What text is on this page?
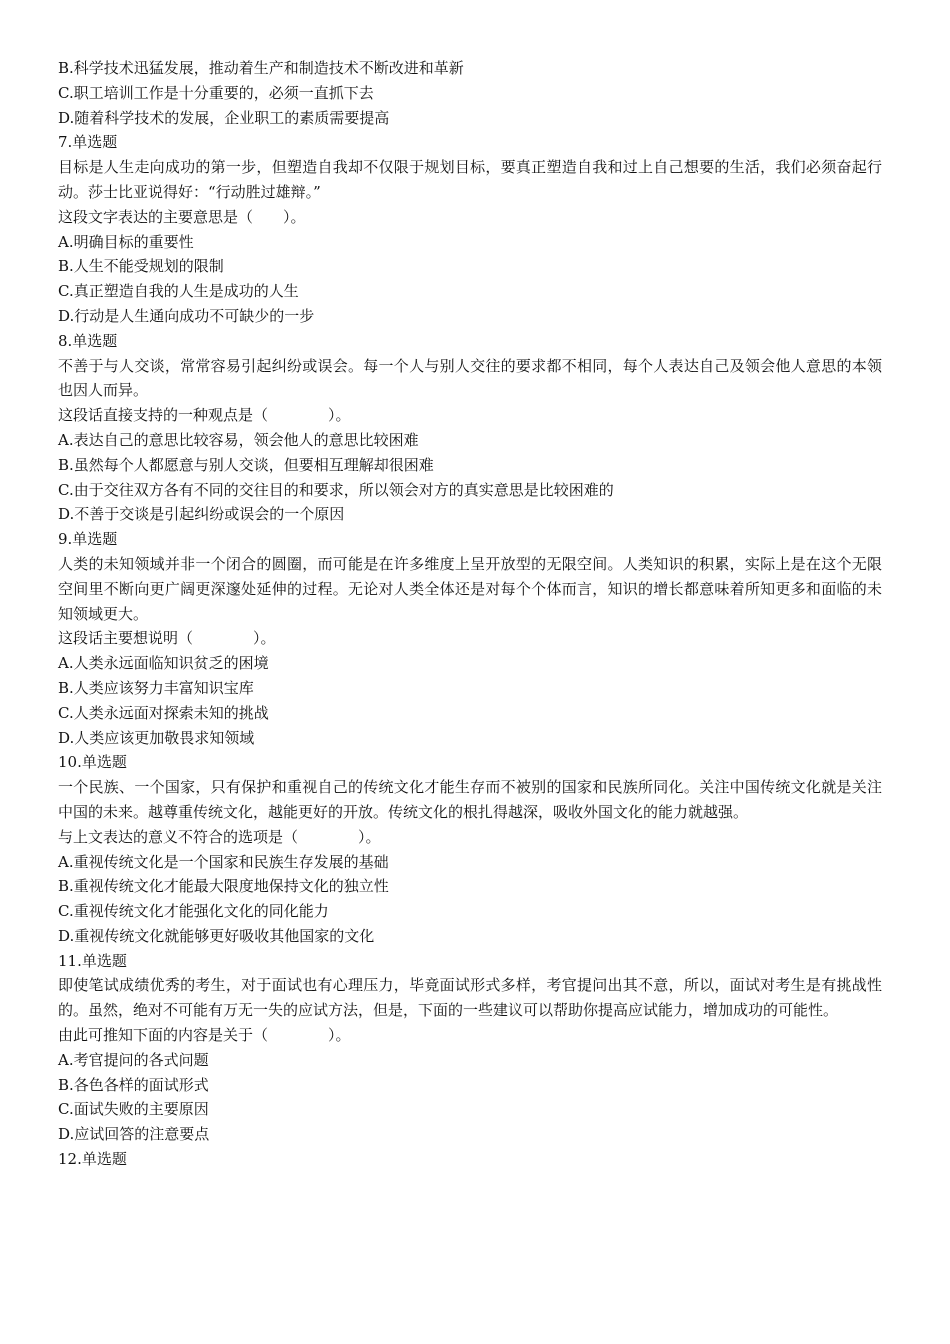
B.科学技术迅猛发展，推动着生产和制造技术不断改进和革新
C.职工培训工作是十分重要的，必须一直抓下去
D.随着科学技术的发展，企业职工的素质需要提高
7.单选题
目标是人生走向成功的第一步，但塑造自我却不仅限于规划目标，要真正塑造自我和过上自己想要的生活，我们必须奋起行动。莎士比亚说得好：“行动胜过雄辩。”
这段文字表达的主要意思是（　　）。
A.明确目标的重要性
B.人生不能受规划的限制
C.真正塑造自我的人生是成功的人生
D.行动是人生通向成功不可缺少的一步
8.单选题
不善于与人交谈，常常容易引起纠纷或误会。每一个人与别人交往的要求都不相同，每个人表达自己及领会他人意思的本领也因人而异。
这段话直接支持的一种观点是（　　　　）。
A.表达自己的意思比较容易，领会他人的意思比较困难
B.虽然每个人都愿意与别人交谈，但要相互理解却很困难
C.由于交往双方各有不同的交往目的和要求，所以领会对方的真实意思是比较困难的
D.不善于交谈是引起纠纷或误会的一个原因
9.单选题
人类的未知领域并非一个闭合的圆圈，而可能是在许多维度上呈开放型的无限空间。人类知识的积累，实际上是在这个无限空间里不断向更广阔更深邃处延伸的过程。无论对人类全体还是对每个个体而言，知识的增长都意味着所知更多和面临的未知领域更大。
这段话主要想说明（　　　　）。
A.人类永远面临知识贫乏的困境
B.人类应该努力丰富知识宝库
C.人类永远面对探索未知的挑战
D.人类应该更加敬畏求知领域
10.单选题
一个民族、一个国家，只有保护和重视自己的传统文化才能生存而不被别的国家和民族所同化。关注中国传统文化就是关注中国的未来。越尊重传统文化，越能更好的开放。传统文化的根扎得越深，吸收外国文化的能力就越强。
与上文表达的意义不符合的选项是（　　　　）。
A.重视传统文化是一个国家和民族生存发展的基础
B.重视传统文化才能最大限度地保持文化的独立性
C.重视传统文化才能强化文化的同化能力
D.重视传统文化就能够更好吸收其他国家的文化
11.单选题
即使笔试成绩优秀的考生，对于面试也有心理压力，毕竟面试形式多样，考官提问出其不意，所以，面试对考生是有挑战性的。虽然，绝对不可能有万无一失的应试方法，但是，下面的一些建议可以帮助你提高应试能力，增加成功的可能性。
由此可推知下面的内容是关于（　　　　）。
A.考官提问的各式问题
B.各色各样的面试形式
C.面试失败的主要原因
D.应试回答的注意要点
12.单选题
